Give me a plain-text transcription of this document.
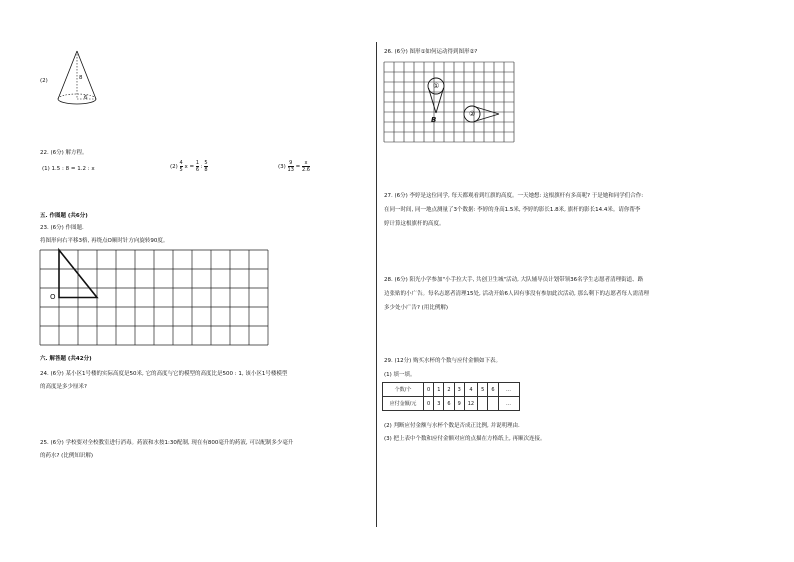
(2)	8
6
22. (6分) 解方程。
(1) 1.5 : 8 = 1.2 : x	$(2) \frac{4}{5}$ $x = \frac{1}{6}$ : $\frac{5}{8}$	$(3) \frac{9}{13} = \frac{x}{2.6}$
五. 作图题 (共6分)
23. (6分) 作图题.
将图形向右平移3格, 再绕点O顺时针方向旋转90度。
O
六. 解答题 (共42分)
24. (6分) 某小区1号楼的实际高度是50米, 它的高度与它的模型的高度比是500 : 1, 该小区1号楼模型
的高度是多少厘米?
25. (6分) 学校要对全校教室进行消毒。药液和水按1:30配制, 现在有800毫升的药液, 可以配制多少毫升
的药水? (比例知识解)
26. (6分) 图形①如何运动得到图形②?
①
②
B
27. (6分) 李婷是这位同学, 每天都观看到红旗的高度。一天她想: 这根旗杆有多高呢? 于是她和同学们合作:
在同一时间, 同一地点测量了3个数据: 李婷的身高1.5米, 李婷的影长1.8米, 旗杆的影长14.4米。请你帮李
婷计算这根旗杆的高度。
28. (6分) 阳光小学参加"小手拉大手, 共创卫生城"活动, 大队辅导员计划带领36名学生志愿者清理街道、路
边张贴的小广告。每名志愿者清理15处, 活动开始6人因有事没有参加此次活动, 那么剩下的志愿者每人需清理
多少处小广告? (用比例解)
29. (12分) 购买水杯的个数与应付金额如下表。
(1) 填一填。
个数/个	0	1	2	3	4	5	6	…
应付金额/元	0	3	6	9	12			…
(2) 判断应付金额与水杯个数是否成正比例, 并说明理由.
(3) 把上表中个数和应付金额对应的点描在方格纸上, 再顺次连接。
